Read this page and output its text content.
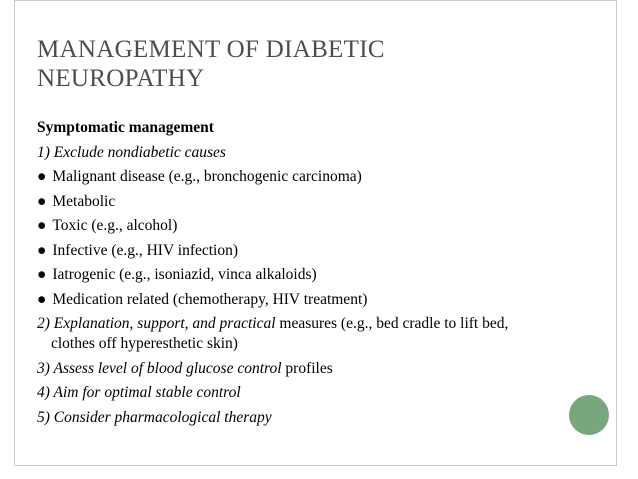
MANAGEMENT OF DIABETIC
NEUROPATHY

Symptomatic management

1) Exclude nondiabetic causes

● Malignant disease (e.g., bronchogenic carcinoma)

● Metabolic

● Toxic (e.g., alcohol)

● Infective (e.g., HIV infection)

● Iatrogenic (e.g., isoniazid, vinca alkaloids)

● Medication related (chemotherapy, HIV treatment)

2) Explanation, support, and practical measures (e.g., bed cradle to lift bed,
clothes off hyperesthetic skin)

3) Assess level of blood glucose control profiles

4) Aim for optimal stable control

5) Consider pharmacological therapy
